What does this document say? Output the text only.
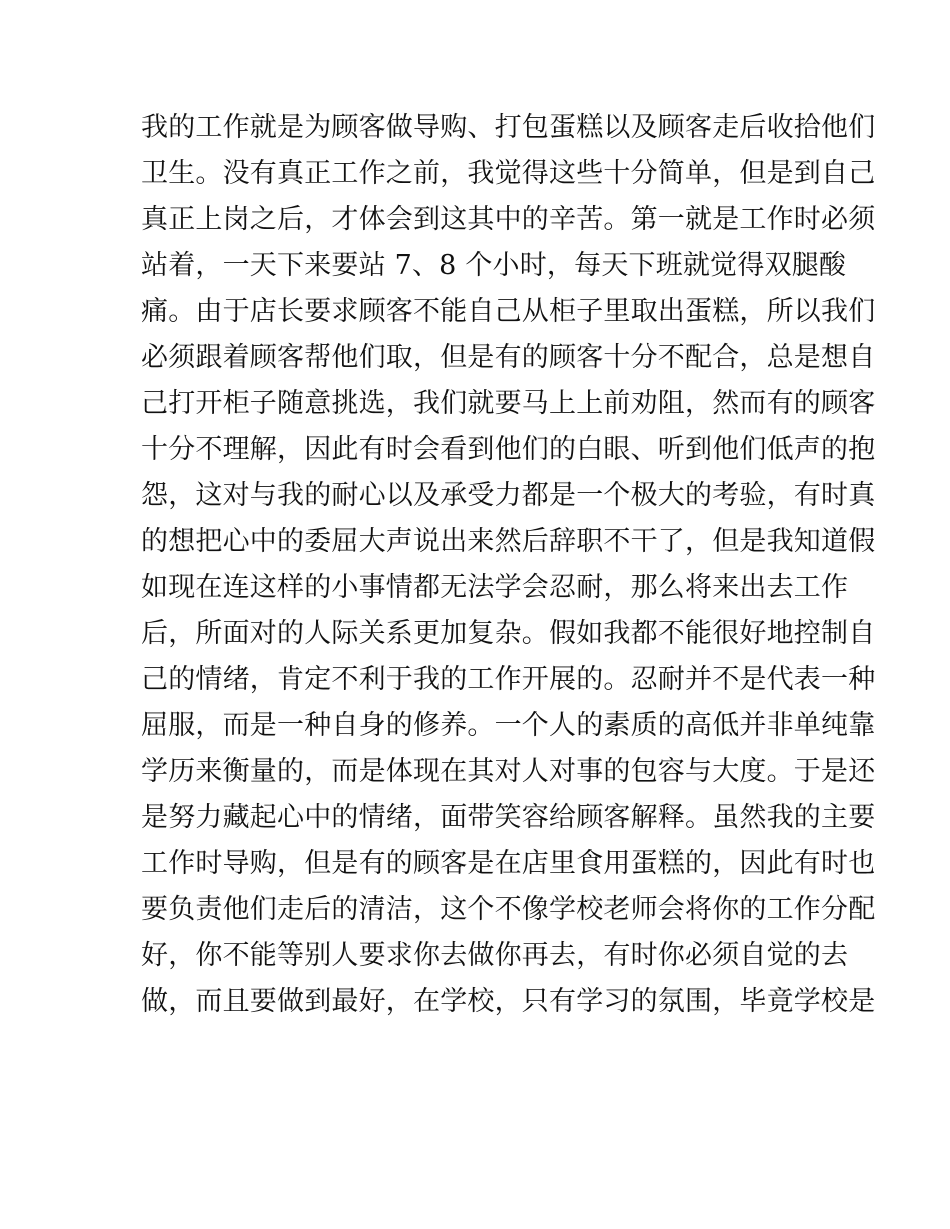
我的工作就是为顾客做导购、打包蛋糕以及顾客走后收拾他们
卫生。没有真正工作之前，我觉得这些十分简单，但是到自己
真正上岗之后，才体会到这其中的辛苦。第一就是工作时必须
站着，一天下来要站 7、8 个小时，每天下班就觉得双腿酸
痛。由于店长要求顾客不能自己从柜子里取出蛋糕，所以我们
必须跟着顾客帮他们取，但是有的顾客十分不配合，总是想自
己打开柜子随意挑选，我们就要马上上前劝阻，然而有的顾客
十分不理解，因此有时会看到他们的白眼、听到他们低声的抱
怨，这对与我的耐心以及承受力都是一个极大的考验，有时真
的想把心中的委屈大声说出来然后辞职不干了，但是我知道假
如现在连这样的小事情都无法学会忍耐，那么将来出去工作
后，所面对的人际关系更加复杂。假如我都不能很好地控制自
己的情绪，肯定不利于我的工作开展的。忍耐并不是代表一种
屈服，而是一种自身的修养。一个人的素质的高低并非单纯靠
学历来衡量的，而是体现在其对人对事的包容与大度。于是还
是努力藏起心中的情绪，面带笑容给顾客解释。虽然我的主要
工作时导购，但是有的顾客是在店里食用蛋糕的，因此有时也
要负责他们走后的清洁，这个不像学校老师会将你的工作分配
好，你不能等别人要求你去做你再去，有时你必须自觉的去
做，而且要做到最好，在学校，只有学习的氛围，毕竟学校是
